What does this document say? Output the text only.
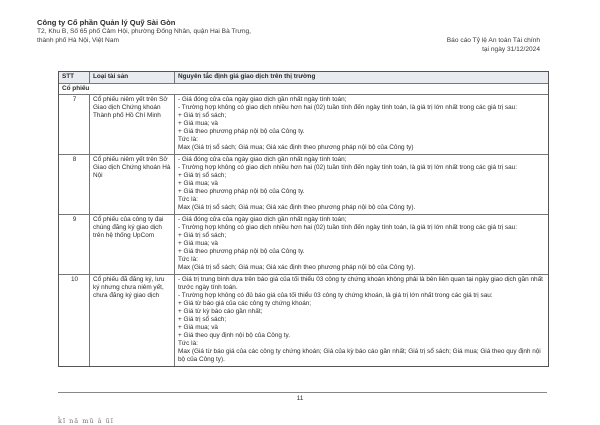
Công ty Cổ phần Quản lý Quỹ Sài Gòn
T2, Khu B, Số 65 phố Cảm Hội, phường Đống Nhân, quận Hai Bà Trưng,
thành phố Hà Nội, Việt Nam	Báo cáo Tỷ lệ An toàn Tài chính
tại ngày 31/12/2024
STT	Loại tài sản	Nguyên tắc định giá giao dịch trên thị trường
Cổ phiếu
7	Cổ phiếu niêm yết trên Sở Giao dịch Chứng khoán Thành phố Hồ Chí Minh
- Giá đóng cửa của ngày giao dịch gần nhất ngày tính toán;
- Trường hợp không có giao dịch nhiều hơn hai (02) tuần tính đến ngày tính toán, là giá trị lớn nhất trong các giá trị sau:
+ Giá trị sổ sách;
+ Giá mua; và
+ Giá theo phương pháp nội bộ của Công ty.
Tức là:
Max (Giá trị sổ sách; Giá mua; Giá xác định theo phương pháp nội bộ của Công ty)
8	Cổ phiếu niêm yết trên Sở Giao dịch Chứng khoán Hà Nội
- Giá đóng cửa của ngày giao dịch gần nhất ngày tính toán;
- Trường hợp không có giao dịch nhiều hơn hai (02) tuần tính đến ngày tính toán, là giá trị lớn nhất trong các giá trị sau:
+ Giá trị sổ sách;
+ Giá mua; và
+ Giá theo phương pháp nội bộ của Công ty.
Tức là:
Max (Giá trị sổ sách; Giá mua; Giá xác định theo phương pháp nội bộ của Công ty).
9	Cổ phiếu của công ty đại chúng đăng ký giao dịch trên hệ thống UpCom
- Giá đóng cửa của ngày giao dịch gần nhất ngày tính toán;
- Trường hợp không có giao dịch nhiều hơn hai (02) tuần tính đến ngày tính toán, là giá trị lớn nhất trong các giá trị sau:
+ Giá trị sổ sách;
+ Giá mua; và
+ Giá theo phương pháp nội bộ của Công ty.
Tức là:
Max (Giá trị sổ sách; Giá mua; Giá xác định theo phương pháp nội bộ của Công ty).
10	Cổ phiếu đã đăng ký, lưu ký nhưng chưa niêm yết, chưa đăng ký giao dịch
- Giá trị trung bình dựa trên báo giá của tối thiểu 03 công ty chứng khoán không phải là bên liên quan tại ngày giao dịch gần nhất trước ngày tính toán.
- Trường hợp không có đủ báo giá của tối thiểu 03 công ty chứng khoán, là giá trị lớn nhất trong các giá trị sau:
+ Giá từ báo giá của các công ty chứng khoán;
+ Giá từ kỳ báo cáo gần nhất;
+ Giá trị sổ sách;
+ Giá mua; và
+ Giá theo quy định nội bộ của Công ty.
Tức là:
Max (Giá từ báo giá của các công ty chứng khoán; Giá của kỳ báo cáo gần nhất; Giá trị sổ sách; Giá mua; Giá theo quy định nội bộ của Công ty).
11
k̃ĩ nă mũ â ũĩ
